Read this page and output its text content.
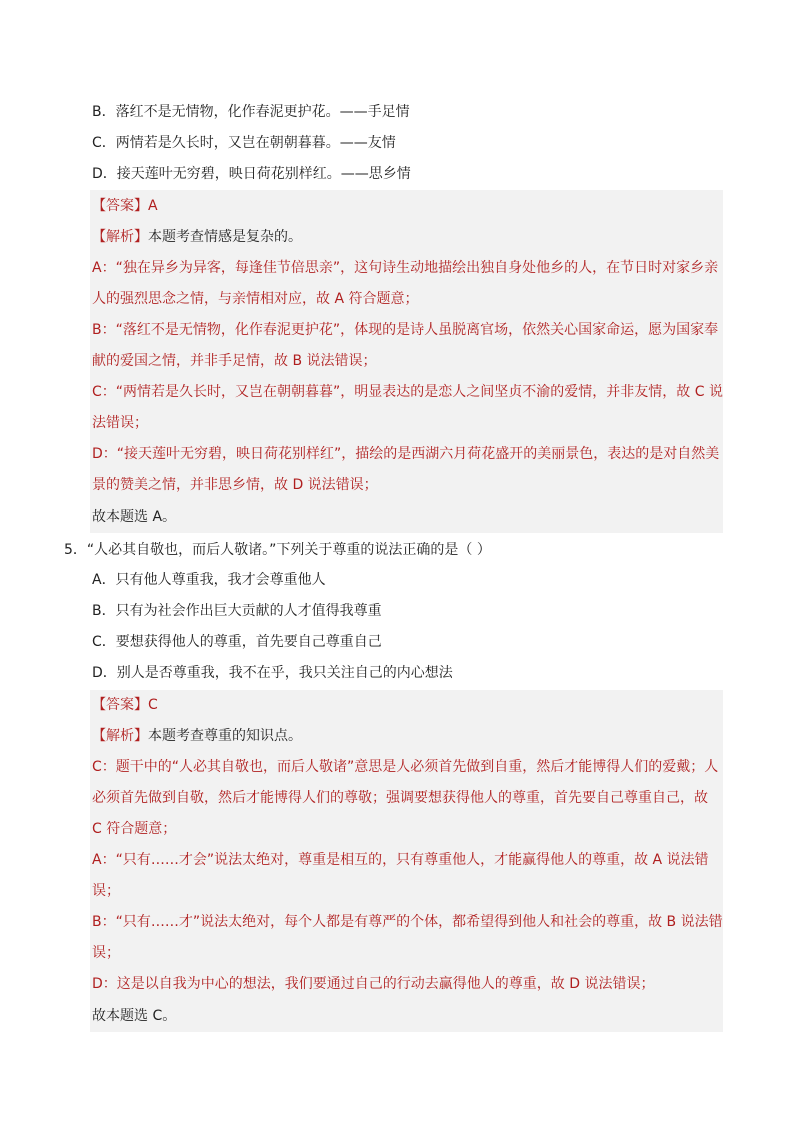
B．落红不是无情物，化作春泥更护花。——手足情
C．两情若是久长时，又岂在朝朝暮暮。——友情
D．接天莲叶无穷碧，映日荷花别样红。——思乡情
【答案】A
【解析】本题考查情感是复杂的。
A：“独在异乡为异客，每逢佳节倍思亲”，这句诗生动地描绘出独自身处他乡的人，在节日时对家乡亲
人的强烈思念之情，与亲情相对应，故 A 符合题意；
B：“落红不是无情物，化作春泥更护花”，体现的是诗人虽脱离官场，依然关心国家命运，愿为国家奉
献的爱国之情，并非手足情，故 B 说法错误；
C：“两情若是久长时，又岂在朝朝暮暮”，明显表达的是恋人之间坚贞不渝的爱情，并非友情，故 C 说
法错误；
D：“接天莲叶无穷碧，映日荷花别样红”，描绘的是西湖六月荷花盛开的美丽景色，表达的是对自然美
景的赞美之情，并非思乡情，故 D 说法错误；
故本题选 A。
5．“人必其自敬也，而后人敬诸。”下列关于尊重的说法正确的是（ ）
A．只有他人尊重我，我才会尊重他人
B．只有为社会作出巨大贡献的人才值得我尊重
C．要想获得他人的尊重，首先要自己尊重自己
D．别人是否尊重我，我不在乎，我只关注自己的内心想法
【答案】C
【解析】本题考查尊重的知识点。
C：题干中的“人必其自敬也，而后人敬诸”意思是人必须首先做到自重，然后才能博得人们的爱戴；人
必须首先做到自敬，然后才能博得人们的尊敬；强调要想获得他人的尊重，首先要自己尊重自己，故
C 符合题意；
A：“只有……才会”说法太绝对，尊重是相互的，只有尊重他人，才能赢得他人的尊重，故 A 说法错
误；
B：“只有……才”说法太绝对，每个人都是有尊严的个体，都希望得到他人和社会的尊重，故 B 说法错
误；
D：这是以自我为中心的想法，我们要通过自己的行动去赢得他人的尊重，故 D 说法错误；
故本题选 C。
